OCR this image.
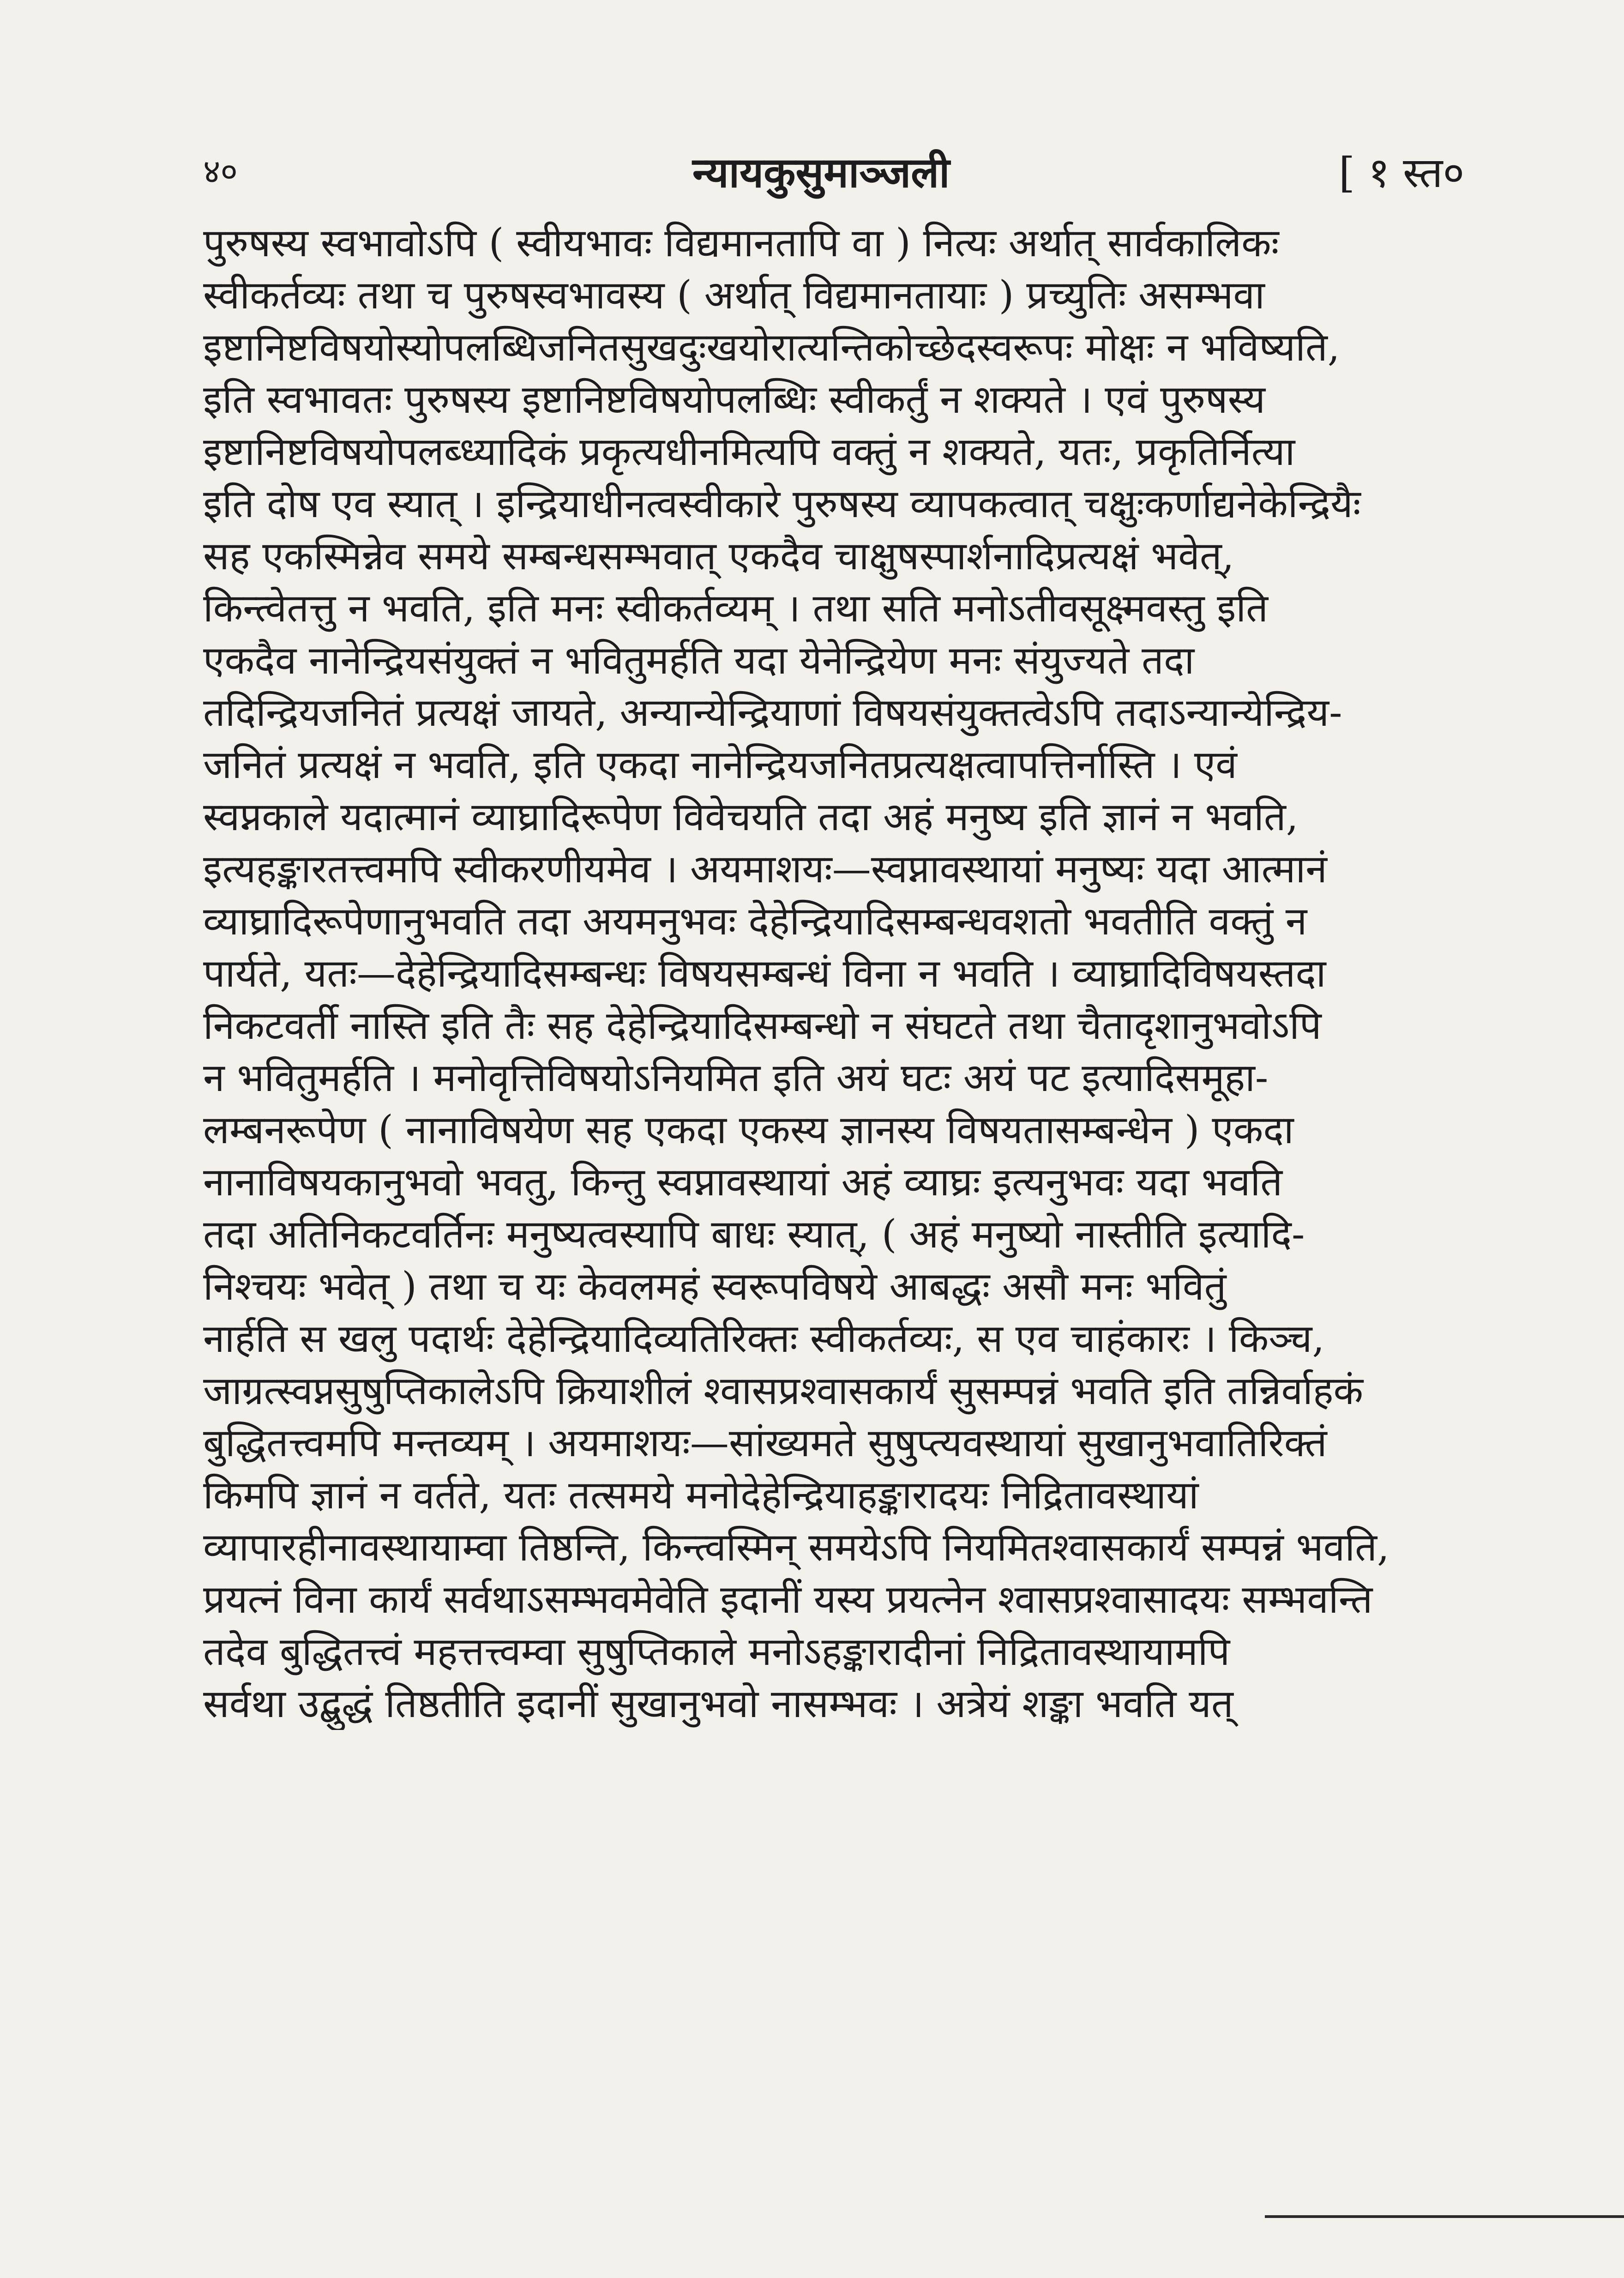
४०	न्यायकुसुमाञ्जली	[ १ स्त०
पुरुषस्य स्वभावोऽपि ( स्वीयभावः विद्यमानतापि वा ) नित्यः अर्थात् सार्वकालिकः
स्वीकर्तव्यः तथा च पुरुषस्वभावस्य ( अर्थात् विद्यमानतायाः ) प्रच्युतिः असम्भवा
इष्टानिष्टविषयोस्योपलब्धिजनितसुखदुःखयोरात्यन्तिकोच्छेदस्वरूपः मोक्षः न भविष्यति,
इति स्वभावतः पुरुषस्य इष्टानिष्टविषयोपलब्धिः स्वीकर्तुं न शक्यते । एवं पुरुषस्य
इष्टानिष्टविषयोपलब्ध्यादिकं प्रकृत्यधीनमित्यपि वक्तुं न शक्यते, यतः, प्रकृतिर्नित्या
इति दोष एव स्यात् । इन्द्रियाधीनत्वस्वीकारे पुरुषस्य व्यापकत्वात् चक्षुःकर्णाद्यनेकेन्द्रियैः
सह एकस्मिन्नेव समये सम्बन्धसम्भवात् एकदैव चाक्षुषस्पार्शनादिप्रत्यक्षं भवेत्,
किन्त्वेतत्तु न भवति, इति मनः स्वीकर्तव्यम् । तथा सति मनोऽतीवसूक्ष्मवस्तु इति
एकदैव नानेन्द्रियसंयुक्तं न भवितुमर्हति यदा येनेन्द्रियेण मनः संयुज्यते तदा
तदिन्द्रियजनितं प्रत्यक्षं जायते, अन्यान्येन्द्रियाणां विषयसंयुक्तत्वेऽपि तदाऽन्यान्येन्द्रिय-
जनितं प्रत्यक्षं न भवति, इति एकदा नानेन्द्रियजनितप्रत्यक्षत्वापत्तिर्नास्ति । एवं
स्वप्नकाले यदात्मानं व्याघ्रादिरूपेण विवेचयति तदा अहं मनुष्य इति ज्ञानं न भवति,
इत्यहङ्कारतत्त्वमपि स्वीकरणीयमेव । अयमाशयः—स्वप्नावस्थायां मनुष्यः यदा आत्मानं
व्याघ्रादिरूपेणानुभवति तदा अयमनुभवः देहेन्द्रियादिसम्बन्धवशतो भवतीति वक्तुं न
पार्यते, यतः—देहेन्द्रियादिसम्बन्धः विषयसम्बन्धं विना न भवति । व्याघ्रादिविषयस्तदा
निकटवर्ती नास्ति इति तैः सह देहेन्द्रियादिसम्बन्धो न संघटते तथा चैतादृशानुभवोऽपि
न भवितुमर्हति । मनोवृत्तिविषयोऽनियमित इति अयं घटः अयं पट इत्यादिसमूहा-
लम्बनरूपेण ( नानाविषयेण सह एकदा एकस्य ज्ञानस्य विषयतासम्बन्धेन ) एकदा
नानाविषयकानुभवो भवतु, किन्तु स्वप्नावस्थायां अहं व्याघ्रः इत्यनुभवः यदा भवति
तदा अतिनिकटवर्तिनः मनुष्यत्वस्यापि बाधः स्यात्, ( अहं मनुष्यो नास्तीति इत्यादि-
निश्चयः भवेत् ) तथा च यः केवलमहं स्वरूपविषये आबद्धः असौ मनः भवितुं
नार्हति स खलु पदार्थः देहेन्द्रियादिव्यतिरिक्तः स्वीकर्तव्यः, स एव चाहंकारः । किञ्च,
जाग्रत्स्वप्नसुषुप्तिकालेऽपि क्रियाशीलं श्वासप्रश्वासकार्यं सुसम्पन्नं भवति इति तन्निर्वाहकं
बुद्धितत्त्वमपि मन्तव्यम् । अयमाशयः—सांख्यमते सुषुप्त्यवस्थायां सुखानुभवातिरिक्तं
किमपि ज्ञानं न वर्तते, यतः तत्समये मनोदेहेन्द्रियाहङ्कारादयः निद्रितावस्थायां
व्यापारहीनावस्थायाम्वा तिष्ठन्ति, किन्त्वस्मिन् समयेऽपि नियमितश्वासकार्यं सम्पन्नं भवति,
प्रयत्नं विना कार्यं सर्वथाऽसम्भवमेवेति इदानीं यस्य प्रयत्नेन श्वासप्रश्वासादयः सम्भवन्ति
तदेव बुद्धितत्त्वं महत्तत्त्वम्वा सुषुप्तिकाले मनोऽहङ्कारादीनां निद्रितावस्थायामपि
सर्वथा उद्बुद्धं तिष्ठतीति इदानीं सुखानुभवो नासम्भवः । अत्रेयं शङ्का भवति यत्
